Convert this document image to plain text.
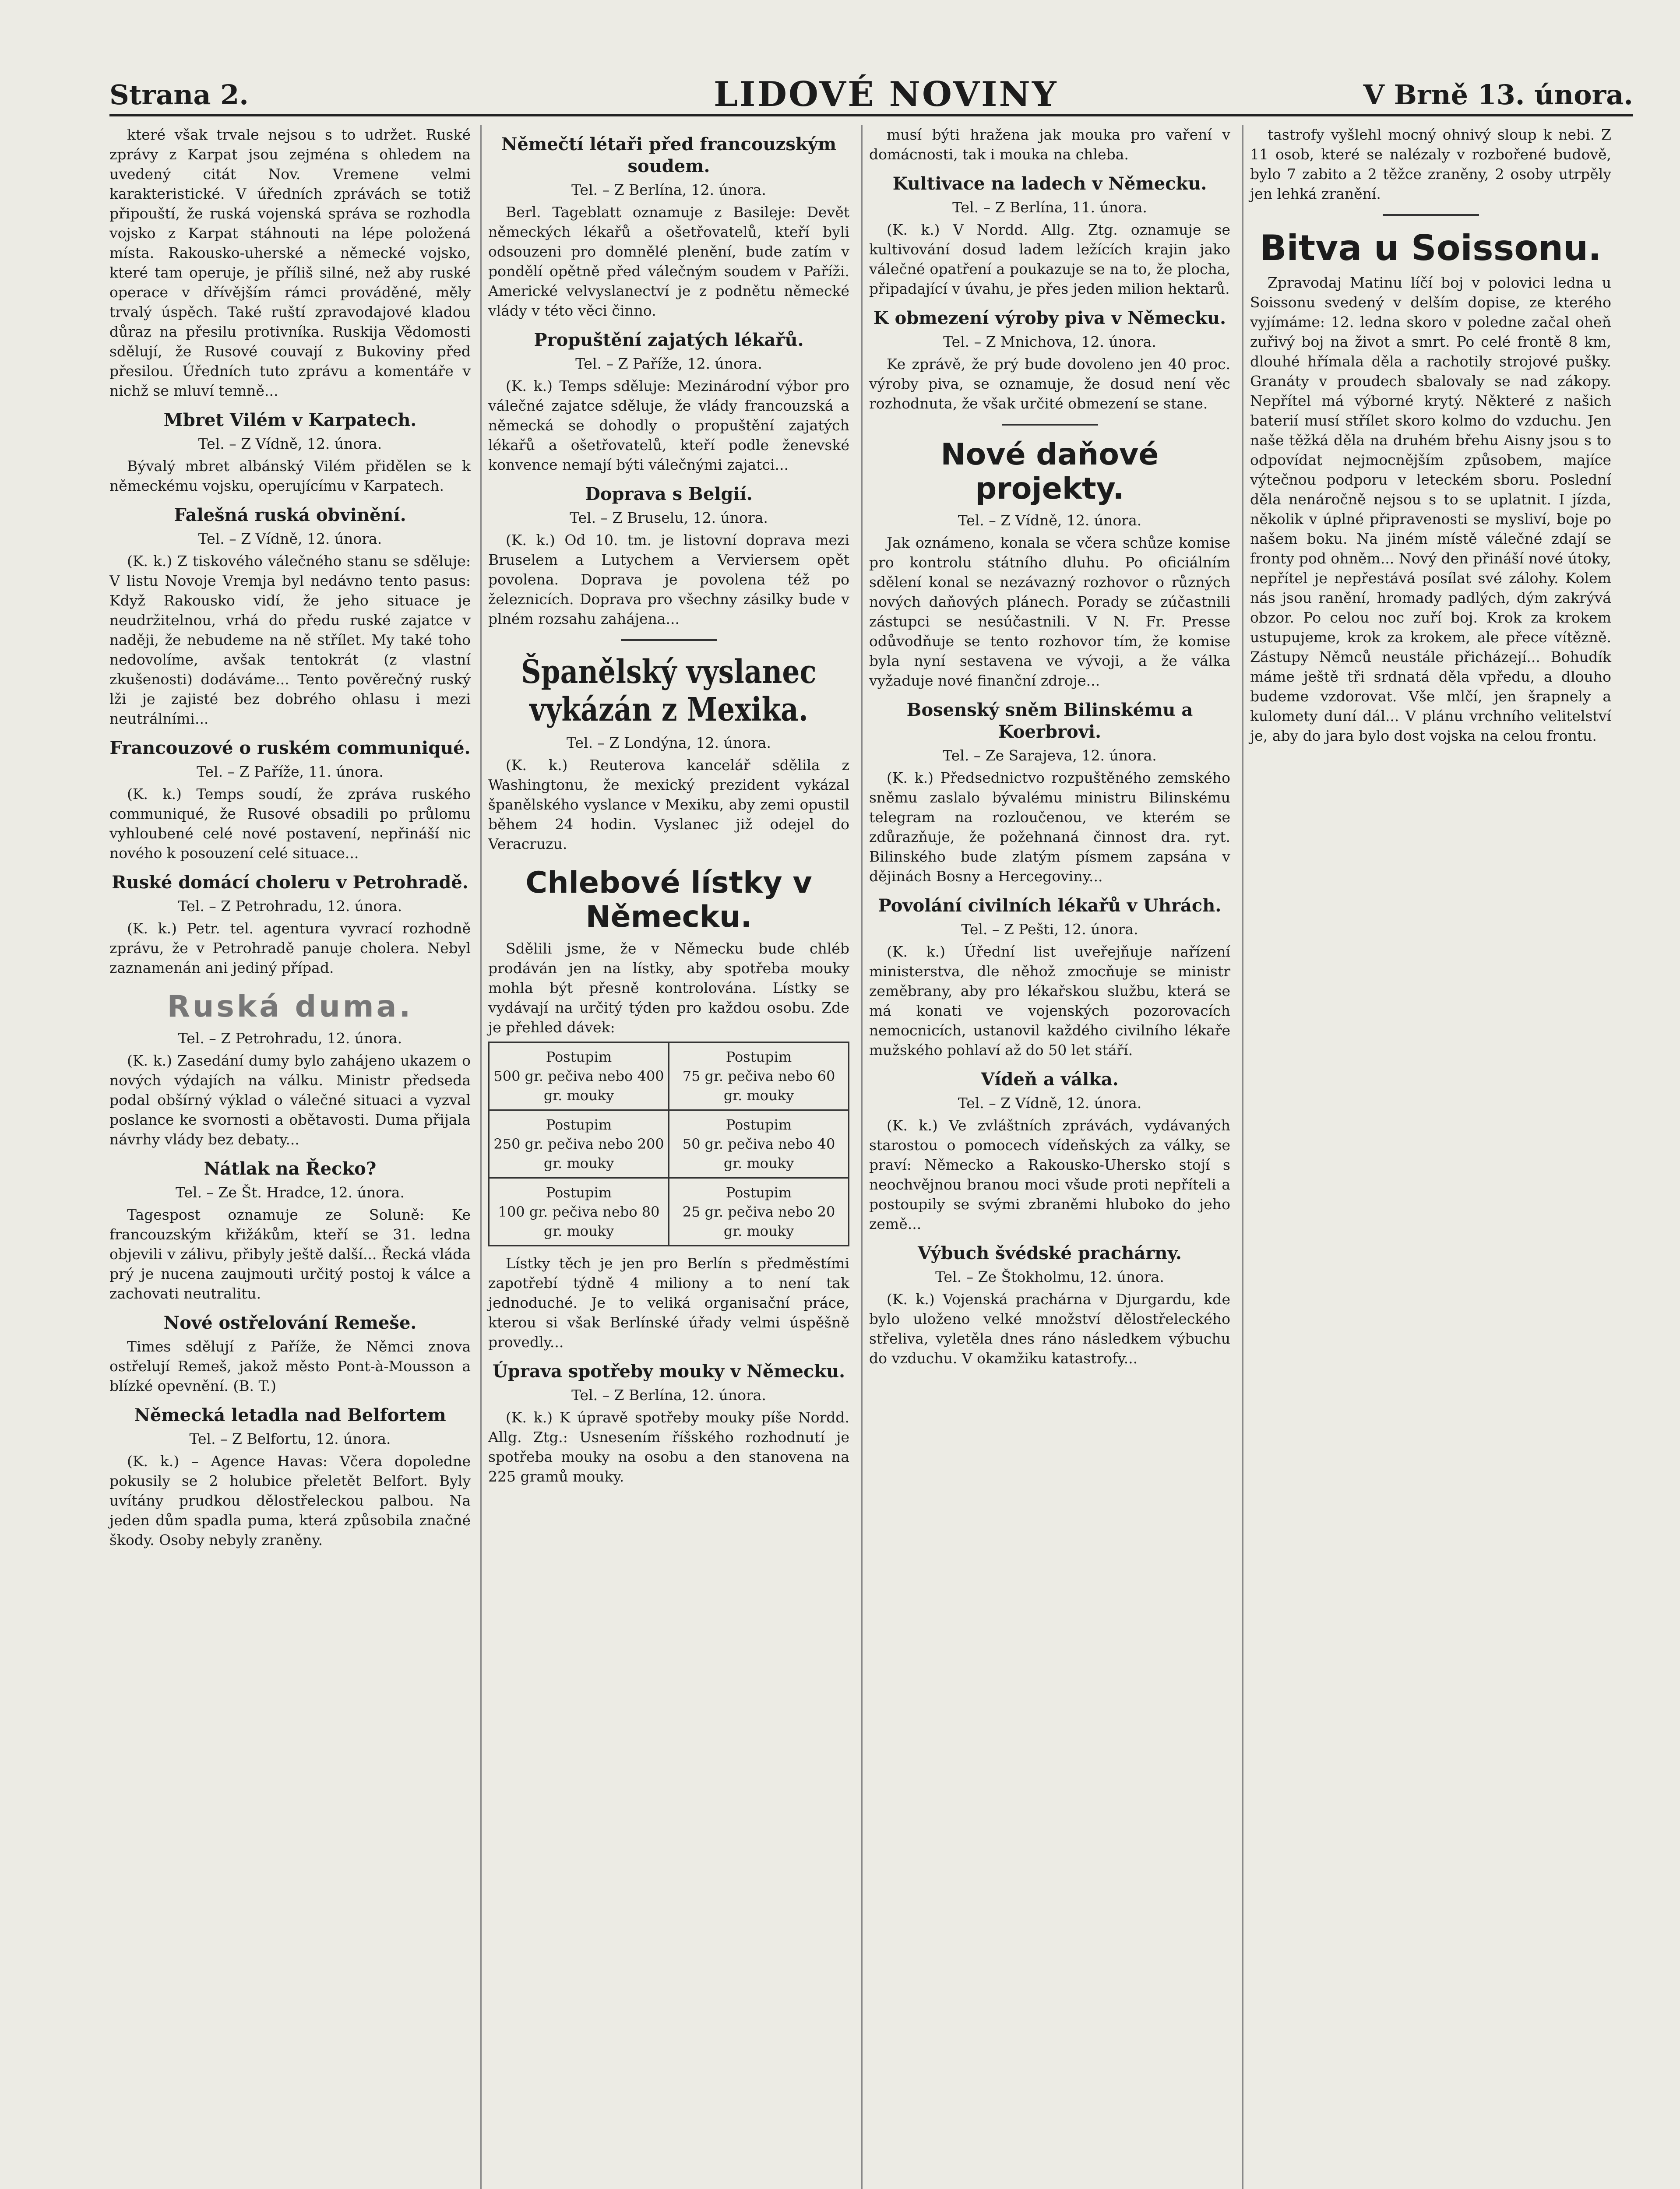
Strana 2.	LIDOVÉ NOVINY	V Brně 13. února.

které však trvale nejsou s to udržet. Ruské zprávy z Karpat jsou zejména s ohledem na uvedený citát Nov. Vremene velmi karakteristické. V úředních zprávách se totiž připouští, že ruská vojenská správa se rozhodla vojsko z Karpat stáhnouti na lépe položená místa. Rakousko-uherské a německé vojsko, které tam operuje, je příliš silné, než aby ruské operace v dřívějším rámci prováděné, měly trvalý úspěch. Také ruští zpravodajové kladou důraz na přesilu protivníka. Ruskija Vědomosti sdělují, že Rusové couvají z Bukoviny před přesilou. Úředních tuto zprávu a komentáře v nichž se mluví temně...

Mbret Vilém v Karpatech.
Tel. – Z Vídně, 12. února.

Bývalý mbret albánský Vilém přidělen se k německému vojsku, operujícímu v Karpatech.

Falešná ruská obvinění.
Tel. – Z Vídně, 12. února.

(K. k.) Z tiskového válečného stanu se sděluje: V listu Novoje Vremja byl nedávno tento pasus: Když Rakousko vidí, že jeho situace je neudržitelnou, vrhá do předu ruské zajatce v naději, že nebudeme na ně střílet. My také toho nedovolíme, avšak tentokrát (z vlastní zkušenosti) dodáváme... Tento pověrečný ruský lži je zajisté bez dobrého ohlasu i mezi neutrálními...

Francouzové o ruském communiqué.
Tel. – Z Paříže, 11. února.

(K. k.) Temps soudí, že zpráva ruského communiqué, že Rusové obsadili po průlomu vyhloubené celé nové postavení, nepřináší nic nového k posouzení celé situace...

Ruské domácí choleru v Petrohradě.
Tel. – Z Petrohradu, 12. února.

(K. k.) Petr. tel. agentura vyvrací rozhodně zprávu, že v Petrohradě panuje cholera. Nebyl zaznamenán ani jediný případ.

Ruská duma.
Tel. – Z Petrohradu, 12. února.

(K. k.) Zasedání dumy bylo zahájeno ukazem o nových výdajích na válku. Ministr předseda podal obšírný výklad o válečné situaci a vyzval poslance ke svornosti a obětavosti. Duma přijala návrhy vlády bez debaty...

Nátlak na Řecko?
Tel. – Ze Št. Hradce, 12. února.

Tagespost oznamuje ze Soluně: Ke francouzským křižákům, kteří se 31. ledna objevili v zálivu, přibyly ještě další... Řecká vláda prý je nucena zaujmouti určitý postoj k válce a zachovati neutralitu.

Nové ostřelování Remeše.

Times sdělují z Paříže, že Němci znova ostřelují Remeš, jakož město Pont-à-Mousson a blízké opevnění. (B. T.)

Německá letadla nad Belfortem
Tel. – Z Belfortu, 12. února.

(K. k.) – Agence Havas: Včera dopoledne pokusily se 2 holubice přeletět Belfort. Byly uvítány prudkou dělostřeleckou palbou. Na jeden dům spadla puma, která způsobila značné škody. Osoby nebyly zraněny.

Němečtí létaři před francouzským soudem.
Tel. – Z Berlína, 12. února.

Berl. Tageblatt oznamuje z Basileje: Devět německých lékařů a ošetřovatelů, kteří byli odsouzeni pro domnělé plenění, bude zatím v pondělí opětně před válečným soudem v Paříži. Americké velvyslanectví je z podnětu německé vlády v této věci činno.

Propuštění zajatých lékařů.
Tel. – Z Paříže, 12. února.

(K. k.) Temps sděluje: Mezinárodní výbor pro válečné zajatce sděluje, že vlády francouzská a německá se dohodly o propuštění zajatých lékařů a ošetřovatelů, kteří podle ženevské konvence nemají býti válečnými zajatci...

Doprava s Belgií.
Tel. – Z Bruselu, 12. února.

(K. k.) Od 10. tm. je listovní doprava mezi Bruselem a Lutychem a Verviersem opět povolena. Doprava je povolena též po železnicích. Doprava pro všechny zásilky bude v plném rozsahu zahájena...

Španělský vyslanec vykázán z Mexika.
Tel. – Z Londýna, 12. února.

(K. k.) Reuterova kancelář sdělila z Washingtonu, že mexický prezident vykázal španělského vyslance v Mexiku, aby zemi opustil během 24 hodin. Vyslanec již odejel do Veracruzu.

Chlebové lístky v Německu.

Sdělili jsme, že v Německu bude chléb prodáván jen na lístky, aby spotřeba mouky mohla být přesně kontrolována. Lístky se vydávají na určitý týden pro každou osobu. Zde je přehled dávek:

Postupim
500 gr. pečiva nebo 400 gr. mouky	Postupim
75 gr. pečiva nebo 60 gr. mouky
Postupim
250 gr. pečiva nebo 200 gr. mouky	Postupim
50 gr. pečiva nebo 40 gr. mouky
Postupim
100 gr. pečiva nebo 80 gr. mouky	Postupim
25 gr. pečiva nebo 20 gr. mouky

Lístky těch je jen pro Berlín s předměstími zapotřebí týdně 4 miliony a to není tak jednoduché. Je to veliká organisační práce, kterou si však Berlínské úřady velmi úspěšně provedly...

Úprava spotřeby mouky v Německu.
Tel. – Z Berlína, 12. února.

(K. k.) K úpravě spotřeby mouky píše Nordd. Allg. Ztg.: Usnesením říšského rozhodnutí je spotřeba mouky na osobu a den stanovena na 225 gramů mouky.

musí býti hražena jak mouka pro vaření v domácnosti, tak i mouka na chleba.

Kultivace na ladech v Německu.
Tel. – Z Berlína, 11. února.

(K. k.) V Nordd. Allg. Ztg. oznamuje se kultivování dosud ladem ležících krajin jako válečné opatření a poukazuje se na to, že plocha, připadající v úvahu, je přes jeden milion hektarů.

K obmezení výroby piva v Německu.
Tel. – Z Mnichova, 12. února.

Ke zprávě, že prý bude dovoleno jen 40 proc. výroby piva, se oznamuje, že dosud není věc rozhodnuta, že však určité obmezení se stane.

Nové daňové projekty.
Tel. – Z Vídně, 12. února.

Jak oznámeno, konala se včera schůze komise pro kontrolu státního dluhu. Po oficiálním sdělení konal se nezávazný rozhovor o různých nových daňových plánech. Porady se zúčastnili zástupci se nesúčastnili. V N. Fr. Presse odůvodňuje se tento rozhovor tím, že komise byla nyní sestavena ve vývoji, a že válka vyžaduje nové finanční zdroje...

Bosenský sněm Bilinskému a Koerbrovi.
Tel. – Ze Sarajeva, 12. února.

(K. k.) Předsednictvo rozpuštěného zemského sněmu zaslalo bývalému ministru Bilinskému telegram na rozloučenou, ve kterém se zdůrazňuje, že požehnaná činnost dra. ryt. Bilinského bude zlatým písmem zapsána v dějinách Bosny a Hercegoviny...

Povolání civilních lékařů v Uhrách.
Tel. – Z Pešti, 12. února.

(K. k.) Úřední list uveřejňuje nařízení ministerstva, dle něhož zmocňuje se ministr zeměbrany, aby pro lékařskou službu, která se má konati ve vojenských pozorovacích nemocnicích, ustanovil každého civilního lékaře mužského pohlaví až do 50 let stáří.

Vídeň a válka.
Tel. – Z Vídně, 12. února.

(K. k.) Ve zvláštních zprávách, vydávaných starostou o pomocech vídeňských za války, se praví: Německo a Rakousko-Uhersko stojí s neochvějnou branou moci všude proti nepříteli a postoupily se svými zbraněmi hluboko do jeho země...

Výbuch švédské prachárny.
Tel. – Ze Štokholmu, 12. února.

(K. k.) Vojenská prachárna v Djurgardu, kde bylo uloženo velké množství dělostřeleckého střeliva, vyletěla dnes ráno následkem výbuchu do vzduchu. V okamžiku katastrofy...

tastrofy vyšlehl mocný ohnivý sloup k nebi. Z 11 osob, které se nalézaly v rozbořené budově, bylo 7 zabito a 2 těžce zraněny, 2 osoby utrpěly jen lehká zranění.

Bitva u Soissonu.

Zpravodaj Matinu líčí boj v polovici ledna u Soissonu svedený v delším dopise, ze kterého vyjímáme: 12. ledna skoro v poledne začal oheň zuřivý boj na život a smrt. Po celé frontě 8 km, dlouhé hřímala děla a rachotily strojové pušky. Granáty v proudech sbalovaly se nad zákopy. Nepřítel má výborné krytý. Některé z našich baterií musí střílet skoro kolmo do vzduchu. Jen naše těžká děla na druhém břehu Aisny jsou s to odpovídat nejmocnějším způsobem, majíce výtečnou podporu v leteckém sboru. Poslední děla nenáročně nejsou s to se uplatnit. I jízda, několik v úplné připravenosti se mysliví, boje po našem boku. Na jiném místě válečné zdají se fronty pod ohněm... Nový den přináší nové útoky, nepřítel je nepřestává posílat své zálohy. Kolem nás jsou ranění, hromady padlých, dým zakrývá obzor. Po celou noc zuří boj. Krok za krokem ustupujeme, krok za krokem, ale přece vítězně. Zástupy Němců neustále přicházejí... Bohudík máme ještě tři srdnatá děla vpředu, a dlouho budeme vzdorovat. Vše mlčí, jen šrapnely a kulomety duní dál... V plánu vrchního velitelství je, aby do jara bylo dost vojska na celou frontu.
